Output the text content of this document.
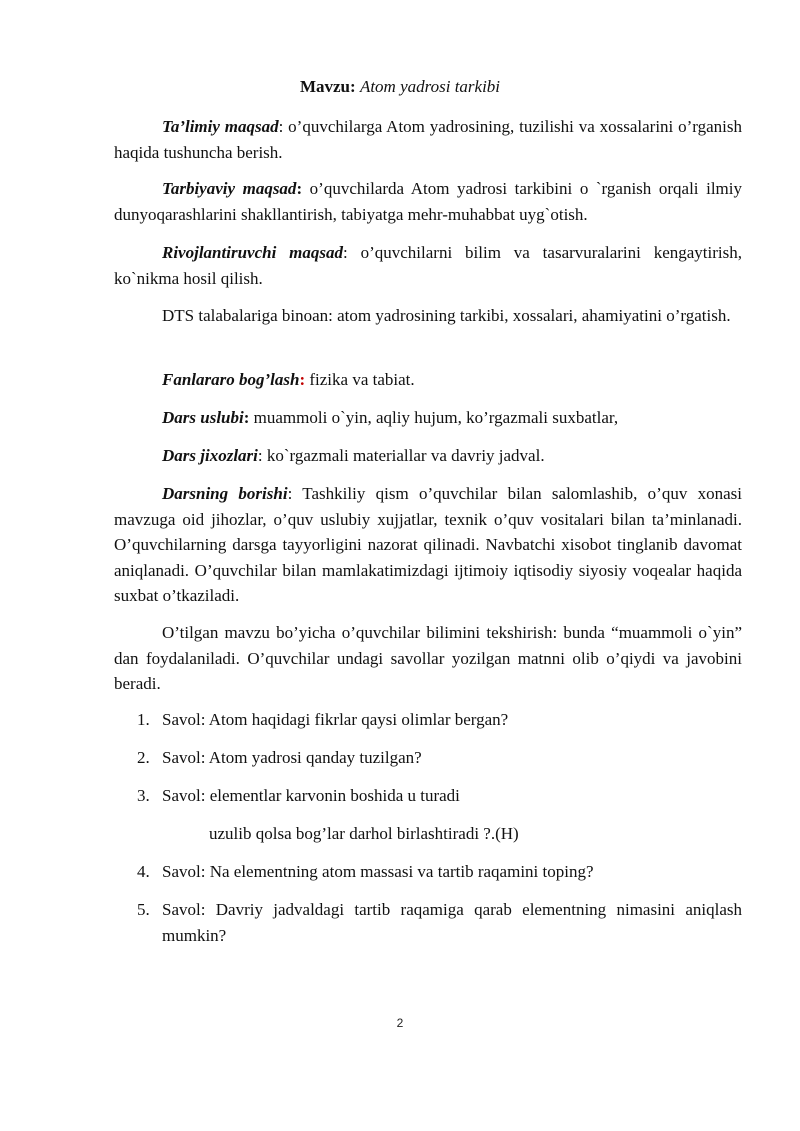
Mavzu: Atom yadrosi tarkibi
Ta’limiy maqsad: o’quvchilarga Atom yadrosining, tuzilishi va xossalarini o’rganish haqida tushuncha berish.
Tarbiyaviy maqsad: o’quvchilarda Atom yadrosi tarkibini o `rganish orqali ilmiy dunyoqarashlarini shakllantirish, tabiyatga mehr-muhabbat uyg`otish.
Rivojlantiruvchi maqsad: o’quvchilarni bilim va tasarvuralarini kengaytirish, ko`nikma hosil qilish.
DTS talabalariga binoan: atom yadrosining tarkibi, xossalari, ahamiyatini o’rgatish.
Fanlararo bog’lash: fizika va tabiat.
Dars uslubi: muammoli o`yin, aqliy hujum, ko’rgazmali suxbatlar,
Dars jixozlari: ko`rgazmali materiallar va davriy jadval.
Darsning borishi: Tashkiliy qism o’quvchilar bilan salomlashib, o’quv xonasi mavzuga oid jihozlar, o’quv uslubiy xujjatlar, texnik o’quv vositalari bilan ta’minlanadi. O’quvchilarning darsga tayyorligini nazorat qilinadi. Navbatchi xisobot tinglanib davomat aniqlanadi. O’quvchilar bilan mamlakatimizdagi ijtimoiy iqtisodiy siyosiy voqealar haqida suxbat o’tkaziladi.
O’tilgan mavzu bo’yicha o’quvchilar bilimini tekshirish: bunda “muammoli o`yin” dan foydalaniladi. O’quvchilar undagi savollar yozilgan matnni olib o’qiydi va javobini beradi.
1. Savol: Atom haqidagi fikrlar qaysi olimlar bergan?
2. Savol: Atom yadrosi qanday tuzilgan?
3. Savol: elementlar karvonin boshida u turadi
uzulib qolsa bog’lar darhol birlashtiradi ?.(H)
4. Savol: Na elementning atom massasi va tartib raqamini toping?
5. Savol: Davriy jadvaldagi tartib raqamiga qarab elementning nimasini aniqlash mumkin?
2
